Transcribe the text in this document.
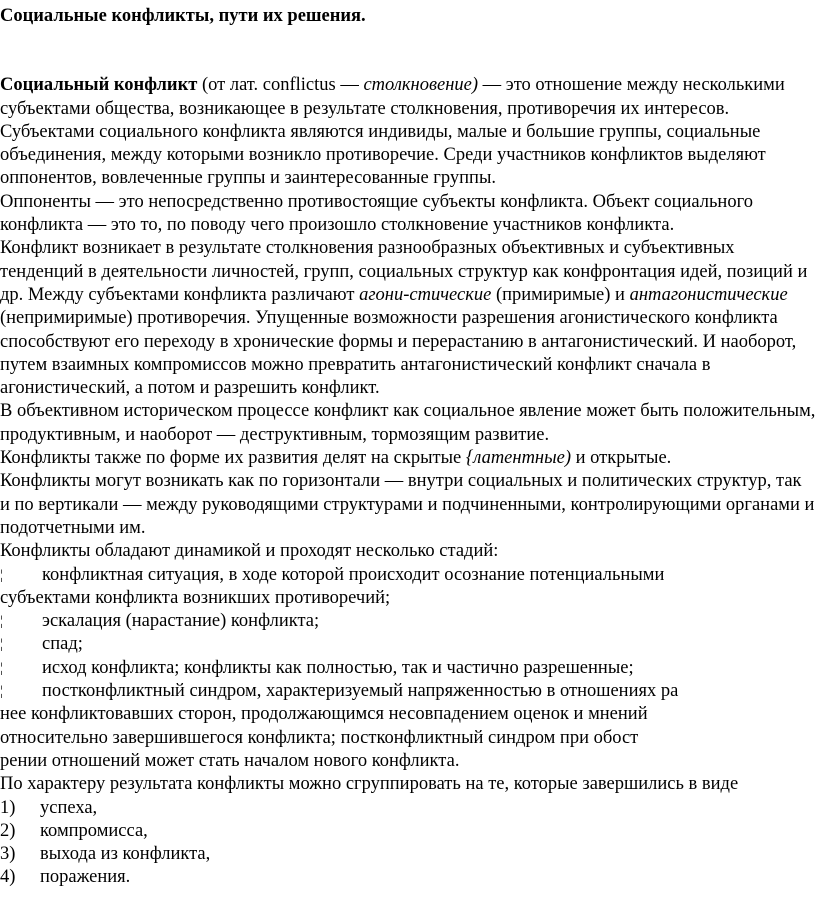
Социальные конфликты, пути их решения.

Социальный конфликт (от лат. conflictus — столкновение) — это отношение между несколькими субъектами общества, возникающее в результате столкновения, противоречия их интересов.

Субъектами социального конфликта являются индивиды, малые и большие группы, социальные объединения, между которыми возникло противоречие. Среди участников конфликтов выделяют оппонентов, вовлеченные группы и заинтересованные группы.

Оппоненты — это непосредственно противостоящие субъекты конфликта. Объект социального конфликта — это то, по поводу чего произошло столкновение участников конфликта.

Конфликт возникает в результате столкновения разнообразных объективных и субъективных тенденций в деятельности личностей, групп, социальных структур как конфронтация идей, позиций и др. Между субъектами конфликта различают агони-стические (примиримые) и антагонистические (непримиримые) противоречия. Упущенные возможности разрешения агонистического конфликта способствуют его переходу в хронические формы и перерастанию в антагонистический. И наоборот, путем взаимных компромиссов можно превратить антагонистический конфликт сначала в агонистический, а потом и разрешить конфликт.

В объективном историческом процессе конфликт как социальное явление может быть положительным, продуктивным, и наоборот — деструктивным, тормозящим развитие.

Конфликты также по форме их развития делят на скрытые {латентные) и открытые.

Конфликты могут возникать как по горизонтали — внутри социальных и политических структур, так и по вертикали — между руководящими структурами и подчиненными, контролирующими органами и подотчетными им.

Конфликты обладают динамикой и проходят несколько стадий:

¦ конфликтная ситуация, в ходе которой происходит осознание потенциальными

субъектами конфликта возникших противоречий;

¦ эскалация (нарастание) конфликта;
¦ спад;
¦ исход конфликта; конфликты как полностью, так и частично разрешенные;
¦ постконфликтный синдром, характеризуемый напряженностью в отношениях ра

нее конфликтовавших сторон, продолжающимся несовпадением оценок и мнений

относительно завершившегося конфликта; постконфликтный синдром при обост

рении отношений может стать началом нового конфликта.

По характеру результата конфликты можно сгруппировать на те, которые завершились в виде

1) успеха,
2) компромисса,
3) выхода из конфликта,
4) поражения.
